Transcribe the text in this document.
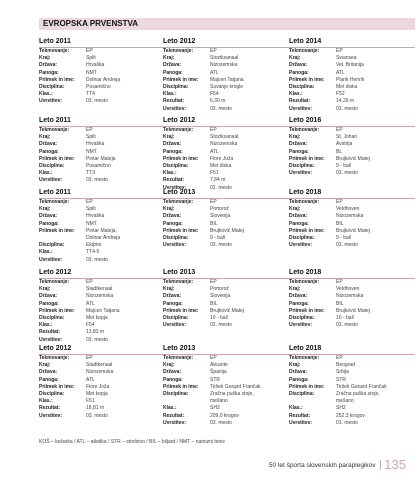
EVROPSKA PRVENSTVA
Leto 2011
Tekmovanje:	EP
Kraj:	Split
Država:	Hrvaška
Panoga:	NMT
Priimek in ime: Dolinar Andreja
Disciplina:	Posamično
Klas.:	TT4
Uvrstitev:	03. mesto
Leto 2012
Tekmovanje:	EP
Kraj:	Stoziksanaal
Država:	Nizozemska
Panoga:	ATL
Priimek in ime: Majcen Tatjana
Disciplina:	Suvanje krogle
Klas.:	F54
Rezultat:	6,30 m
Uvrstitev:	03. mesto
Leto 2014
Tekmovanje:	EP
Kraj:	Swansea
Država:	Vel. Britanija
Panoga:	ATL
Priimek in ime: Plank Henrik
Disciplina:	Met diska
Klas.:	F52
Rezultat:	14,29 m
Uvrstitev:	03. mesto
Leto 2011
Tekmovanje:	EP
Kraj:	Split
Država:	Hrvaška
Panoga:	NMT
Priimek in ime: Pintar Mateja
Disciplina:	Posamično
Klas.:	TT3
Uvrstitev:	03. mesto
Leto 2012
Tekmovanje:	EP
Kraj:	Stoziksanaal
Država:	Nizozemska
Panoga:	ATL
Priimek in ime: Fiore Joža
Disciplina:	Met diska
Klas.:	F51
Rezultat:	7,84 m
Uvrstitev:	02. mesto
Leto 2016
Tekmovanje:	EP
Kraj:	St. Johan
Država:	Avstrija
Panoga:	BL
Priimek in ime: Brujković Matej
Disciplina:	9 - ball
Uvrstitev:	03. mesto
Leto 2011
Tekmovanje:	EP
Kraj:	Split
Država:	Hrvaška
Panoga:	NMT
Priimek in ime: Pintar Mateja,
Dolinar Andreja
Disciplina:	Ekipno
Klas.:	TT4-5
Uvrstitev:	03. mesto
Leto 2013
Tekmovanje:	EP
Kraj:	Portorož
Država:	Slovenija
Panoga:	BIL
Priimek in ime: Brujković Matej
Disciplina:	9 - ball
Uvrstitev:	03. mesto
Leto 2018
Tekmovanje:	EP
Kraj:	Veldhoven
Država:	Nizozemska
Panoga:	BIL
Priimek in ime: Brujković Matej
Disciplina:	9 - ball
Uvrstitev:	03. mesto
Leto 2012
Tekmovanje:	EP
Kraj:	Stadtkenaal
Država:	Nizozemska
Panoga:	ATL
Priimek in ime: Majcen Tatjana
Disciplina:	Met kopja
Klas.:	F54
Rezultat:	13,83 m
Uvrstitev:	03. mesto
Leto 2013
Tekmovanje:	EP
Kraj:	Portorož
Država:	Slovenija
Panoga:	BIL
Priimek in ime: Brujković Matej
Disciplina:	10 - ball
Uvrstitev:	02. mesto
Leto 2018
Tekmovanje:	EP
Kraj:	Veldhoven
Država:	Nizozemska
Panoga:	BIL
Priimek in ime: Brujković Matej
Disciplina:	10 - ball
Uvrstitev:	03. mesto
Leto 2012
Tekmovanje:	EP
Kraj:	Stadtkenaal
Država:	Nizozemska
Panoga:	ATL
Priimek in ime: Fiore Joža
Disciplina:	Met kopja
Klas.:	F51
Rezultat:	18,81 m
Uvrstitev:	03. mesto
Leto 2013
Tekmovanje:	EP
Kraj:	Alicante
Država:	Španija
Panoga:	STR
Priimek in ime: Tiršek Gorazd Frančak
Disciplina:	Zračna puška stoje,
mešano
Klas.:	SH2
Rezultat:	209,0 krogov
Uvrstitev:	03. mesto
Leto 2018
Tekmovanje:	EP
Kraj:	Beograd
Država:	Srbija
Panoga:	STR
Priimek in ime: Tiršek Gorazd Frančak
Disciplina:	Zračna puška stoje,
mešano
Klas.:	SH2
Rezultat:	252,3 krogov
Uvrstitev:	01. mesto
KOŠ – košarka / ATL – atletika / STR – strelstvo / BIL – biljard / NMT – namizni tenis
50 let športa slovenskih paraplegikov 135
